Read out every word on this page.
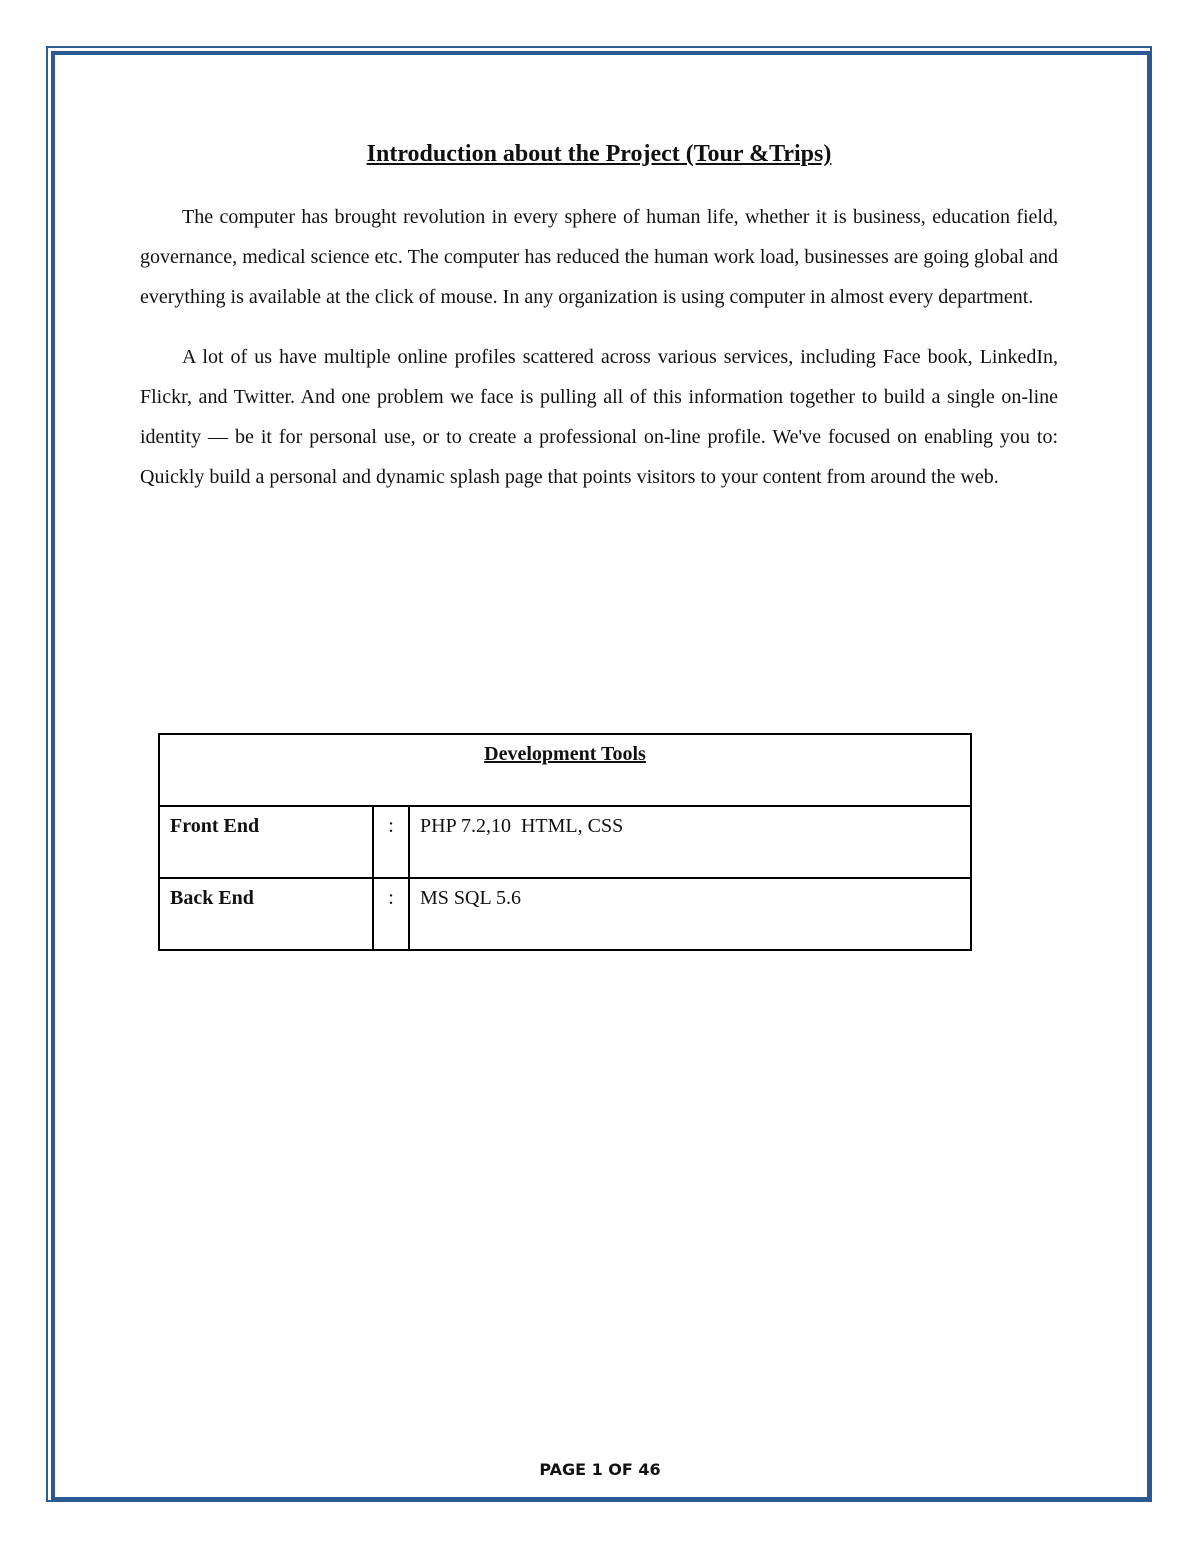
Introduction about the Project (Tour &Trips)

The computer has brought revolution in every sphere of human life, whether it is business, education field, governance, medical science etc. The computer has reduced the human work load, businesses are going global and everything is available at the click of mouse. In any organization is using computer in almost every department.

A lot of us have multiple online profiles scattered across various services, including Face book, LinkedIn, Flickr, and Twitter. And one problem we face is pulling all of this information together to build a single on-line identity — be it for personal use, or to create a professional on-line profile. We've focused on enabling you to: Quickly build a personal and dynamic splash page that points visitors to your content from around the web.

Development Tools		
Front End	:	PHP 7.2,10  HTML, CSS
Back End	:	MS SQL 5.6
PAGE 1 OF 46
